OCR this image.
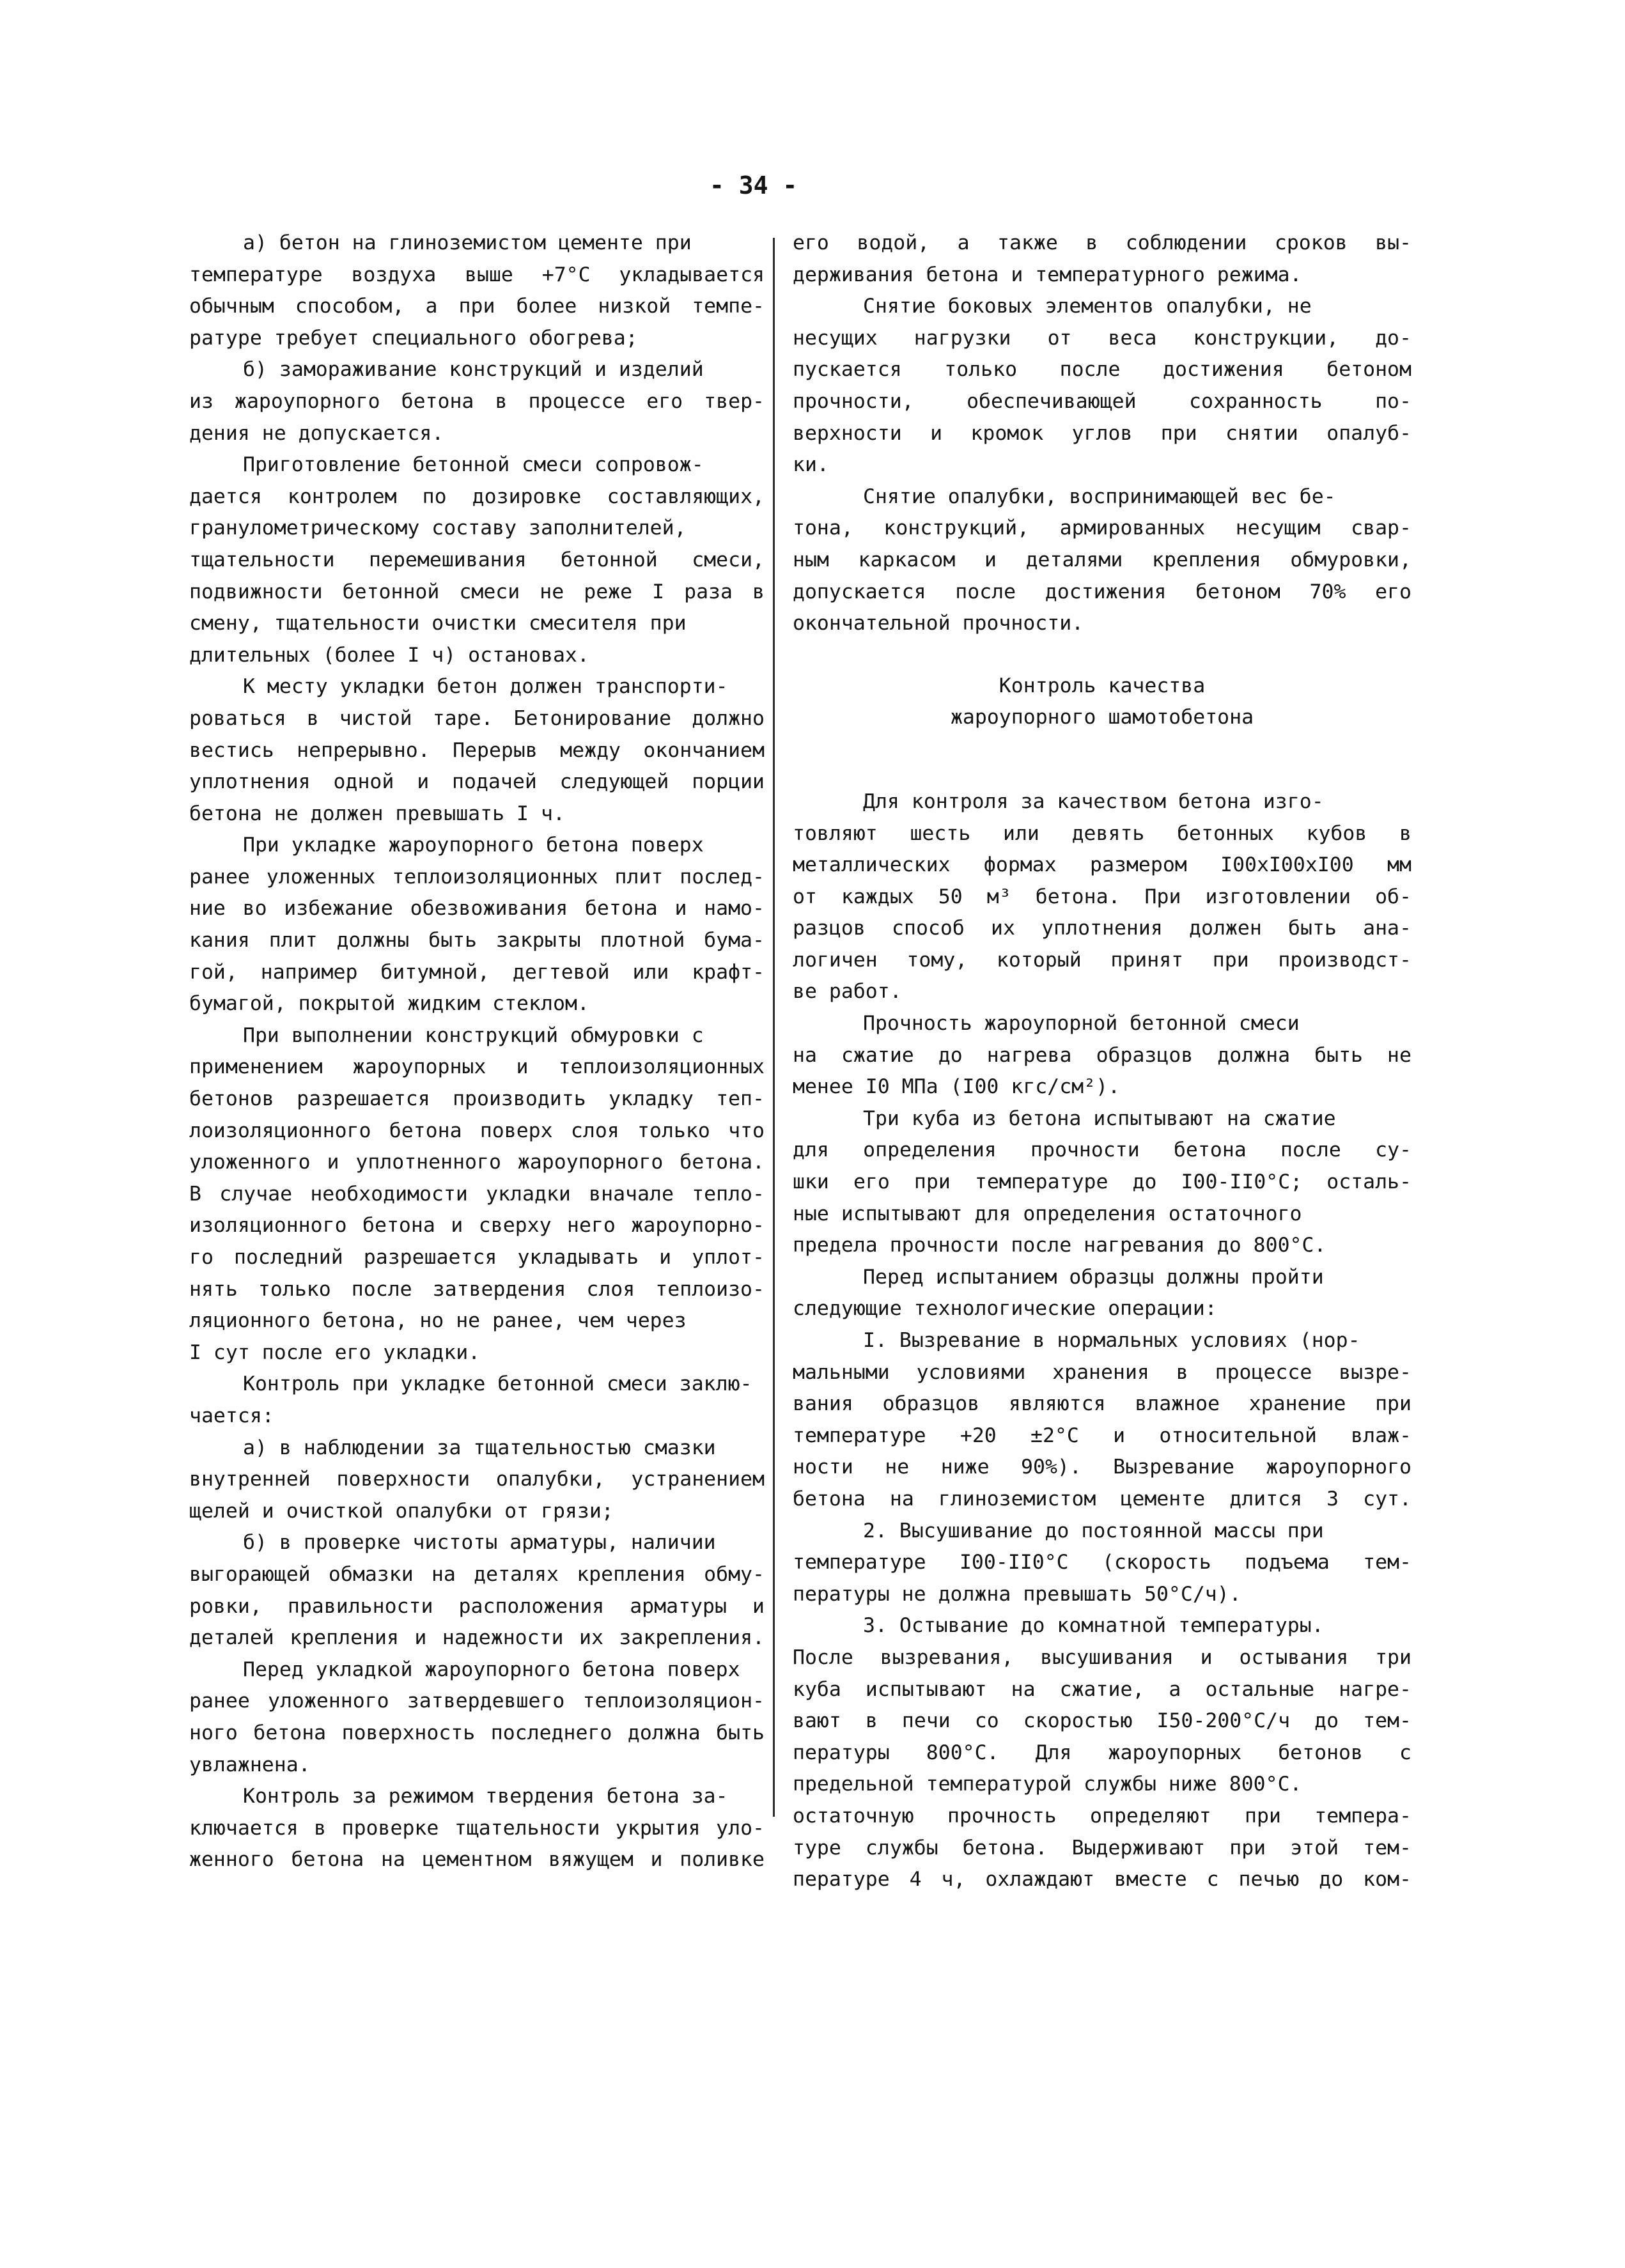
- 34 -
а) бетон на глиноземистом цементе при
температуре воздуха выше +7°С укладывается
обычным способом, а при более низкой темпе-
ратуре требует специального обогрева;
б) замораживание конструкций и изделий
из жароупорного бетона в процессе его твер-
дения не допускается.
Приготовление бетонной смеси сопровож-
дается контролем по дозировке составляющих,
гранулометрическому составу заполнителей,
тщательности перемешивания бетонной смеси,
подвижности бетонной смеси не реже I раза в
смену, тщательности очистки смесителя при
длительных (более I ч) остановах.
К месту укладки бетон должен транспорти-
роваться в чистой таре. Бетонирование должно
вестись непрерывно. Перерыв между окончанием
уплотнения одной и подачей следующей порции
бетона не должен превышать I ч.
При укладке жароупорного бетона поверх
ранее уложенных теплоизоляционных плит послед-
ние во избежание обезвоживания бетона и намо-
кания плит должны быть закрыты плотной бума-
гой, например битумной, дегтевой или крафт-
бумагой, покрытой жидким стеклом.
При выполнении конструкций обмуровки с
применением жароупорных и теплоизоляционных
бетонов разрешается производить укладку теп-
лоизоляционного бетона поверх слоя только что
уложенного и уплотненного жароупорного бетона.
В случае необходимости укладки вначале тепло-
изоляционного бетона и сверху него жароупорно-
го последний разрешается укладывать и уплот-
нять только после затвердения слоя теплоизо-
ляционного бетона, но не ранее, чем через
I сут после его укладки.
Контроль при укладке бетонной смеси заклю-
чается:
а) в наблюдении за тщательностью смазки
внутренней поверхности опалубки, устранением
щелей и очисткой опалубки от грязи;
б) в проверке чистоты арматуры, наличии
выгорающей обмазки на деталях крепления обму-
ровки, правильности расположения арматуры и
деталей крепления и надежности их закрепления.
Перед укладкой жароупорного бетона поверх
ранее уложенного затвердевшего теплоизоляцион-
ного бетона поверхность последнего должна быть
увлажнена.
Контроль за режимом твердения бетона за-
ключается в проверке тщательности укрытия уло-
женного бетона на цементном вяжущем и поливке
его водой, а также в соблюдении сроков вы-
держивания бетона и температурного режима.
Снятие боковых элементов опалубки, не
несущих нагрузки от веса конструкции, до-
пускается только после достижения бетоном
прочности, обеспечивающей сохранность по-
верхности и кромок углов при снятии опалуб-
ки.
Снятие опалубки, воспринимающей вес бе-
тона, конструкций, армированных несущим свар-
ным каркасом и деталями крепления обмуровки,
допускается после достижения бетоном 70% его
окончательной прочности.
Контроль качества
жароупорного шамотобетона
Для контроля за качеством бетона изго-
товляют шесть или девять бетонных кубов в
металлических формах размером I00xI00xI00 мм
от каждых 50 м³ бетона. При изготовлении об-
разцов способ их уплотнения должен быть ана-
логичен тому, который принят при производст-
ве работ.
Прочность жароупорной бетонной смеси
на сжатие до нагрева образцов должна быть не
менее I0 МПа (I00 кгс/см²).
Три куба из бетона испытывают на сжатие
для определения прочности бетона после су-
шки его при температуре до I00-II0°С; осталь-
ные испытывают для определения остаточного
предела прочности после нагревания до 800°С.
Перед испытанием образцы должны пройти
следующие технологические операции:
I. Вызревание в нормальных условиях (нор-
мальными условиями хранения в процессе вызре-
вания образцов являются влажное хранение при
температуре +20 ±2°С и относительной влаж-
ности не ниже 90%). Вызревание жароупорного
бетона на глиноземистом цементе длится 3 сут.
2. Высушивание до постоянной массы при
температуре I00-II0°С (скорость подъема тем-
пературы не должна превышать 50°С/ч).
3. Остывание до комнатной температуры.
После вызревания, высушивания и остывания три
куба испытывают на сжатие, а остальные нагре-
вают в печи со скоростью I50-200°С/ч до тем-
пературы 800°С. Для жароупорных бетонов с
предельной температурой службы ниже 800°С.
остаточную прочность определяют при темпера-
туре службы бетона. Выдерживают при этой тем-
пературе 4 ч, охлаждают вместе с печью до ком-
